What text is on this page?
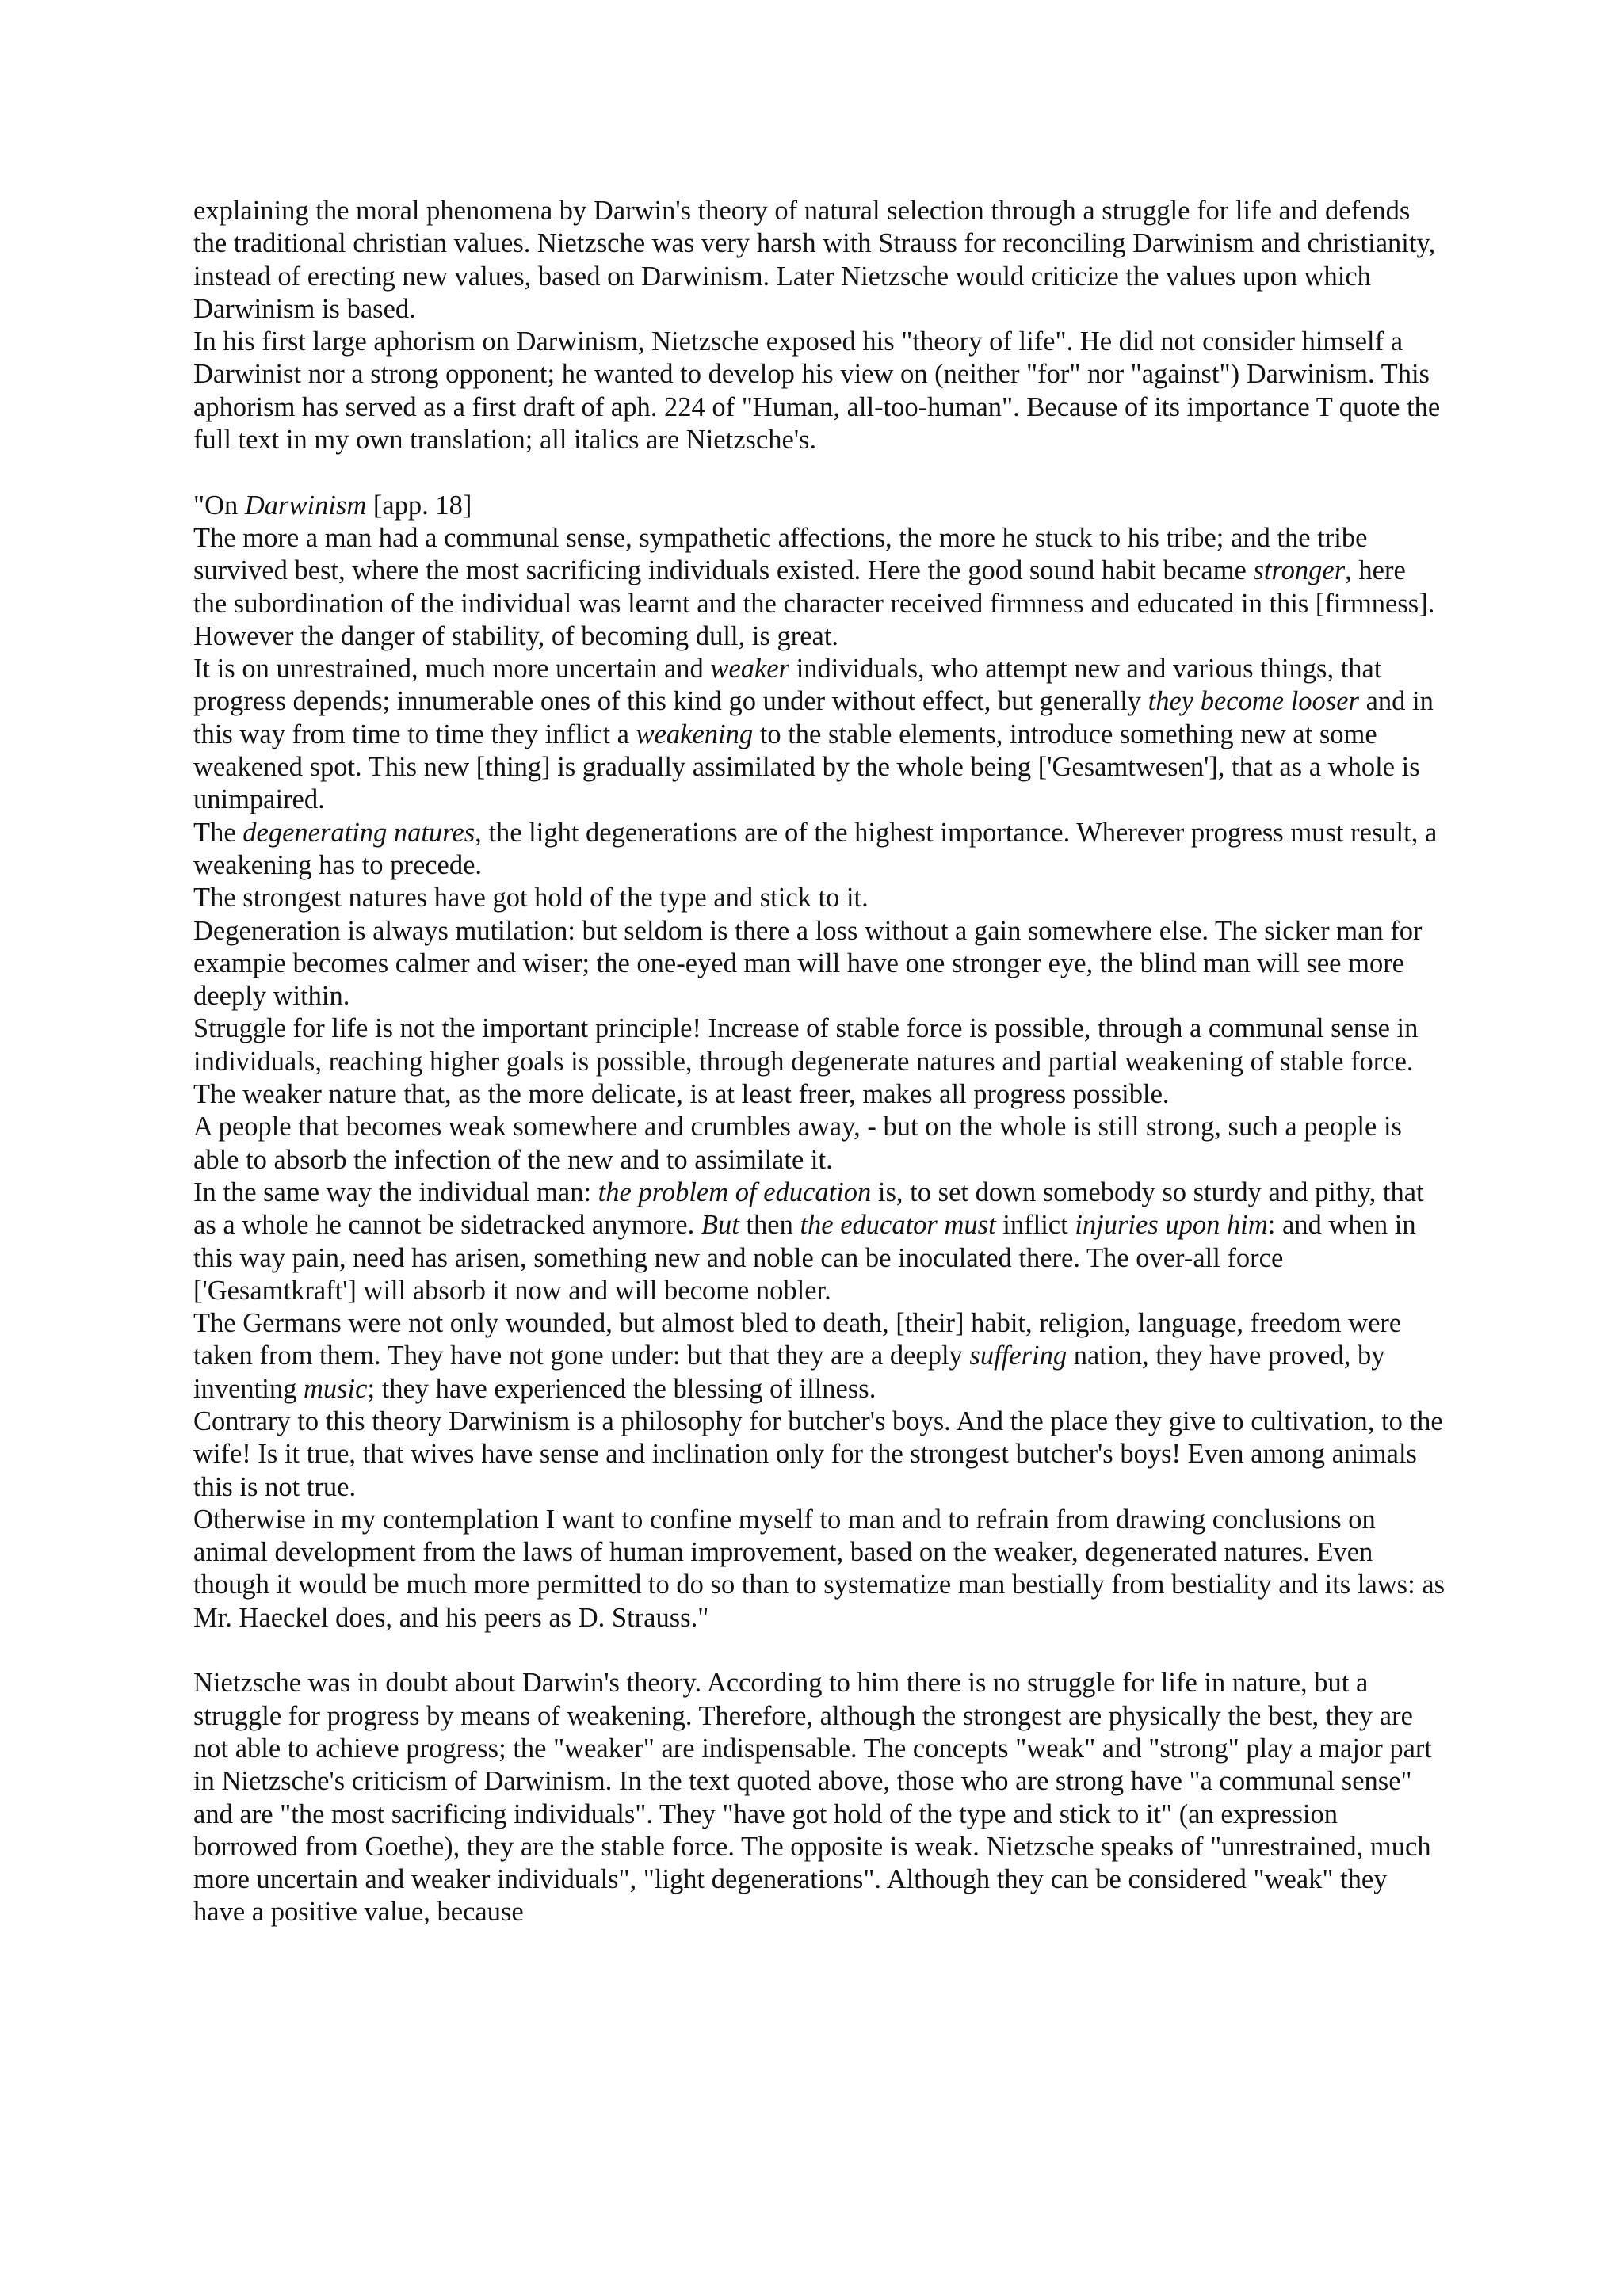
explaining the moral phenomena by Darwin's theory of natural selection through a struggle for life and defends the traditional christian values. Nietzsche was very harsh with Strauss for reconciling Darwinism and christianity, instead of erecting new values, based on Darwinism. Later Nietzsche would criticize the values upon which Darwinism is based.

In his first large aphorism on Darwinism, Nietzsche exposed his "theory of life". He did not consider himself a Darwinist nor a strong opponent; he wanted to develop his view on (neither "for" nor "against") Darwinism. This aphorism has served as a first draft of aph. 224 of "Human, all-too-human". Because of its importance T quote the full text in my own translation; all italics are Nietzsche's.

"On Darwinism [app. 18]

The more a man had a communal sense, sympathetic affections, the more he stuck to his tribe; and the tribe survived best, where the most sacrificing individuals existed. Here the good sound habit became stronger, here the subordination of the individual was learnt and the character received firmness and educated in this [firmness]. However the danger of stability, of becoming dull, is great.

It is on unrestrained, much more uncertain and weaker individuals, who attempt new and various things, that progress depends; innumerable ones of this kind go under without effect, but generally they become looser and in this way from time to time they inflict a weakening to the stable elements, introduce something new at some weakened spot. This new [thing] is gradually assimilated by the whole being ['Gesamtwesen'], that as a whole is unimpaired.

The degenerating natures, the light degenerations are of the highest importance. Wherever progress must result, a weakening has to precede.

The strongest natures have got hold of the type and stick to it.

Degeneration is always mutilation: but seldom is there a loss without a gain somewhere else. The sicker man for exampie becomes calmer and wiser; the one-eyed man will have one stronger eye, the blind man will see more deeply within.

Struggle for life is not the important principle! Increase of stable force is possible, through a communal sense in individuals, reaching higher goals is possible, through degenerate natures and partial weakening of stable force. The weaker nature that, as the more delicate, is at least freer, makes all progress possible.

A people that becomes weak somewhere and crumbles away, - but on the whole is still strong, such a people is able to absorb the infection of the new and to assimilate it.

In the same way the individual man: the problem of education is, to set down somebody so sturdy and pithy, that as a whole he cannot be sidetracked anymore. But then the educator must inflict injuries upon him: and when in this way pain, need has arisen, something new and noble can be inoculated there. The over-all force ['Gesamtkraft'] will absorb it now and will become nobler.

The Germans were not only wounded, but almost bled to death, [their] habit, religion, language, freedom were taken from them. They have not gone under: but that they are a deeply suffering nation, they have proved, by inventing music; they have experienced the blessing of illness.

Contrary to this theory Darwinism is a philosophy for butcher's boys. And the place they give to cultivation, to the wife! Is it true, that wives have sense and inclination only for the strongest butcher's boys! Even among animals this is not true.

Otherwise in my contemplation I want to confine myself to man and to refrain from drawing conclusions on animal development from the laws of human improvement, based on the weaker, degenerated natures. Even though it would be much more permitted to do so than to systematize man bestially from bestiality and its laws: as Mr. Haeckel does, and his peers as D. Strauss."

Nietzsche was in doubt about Darwin's theory. According to him there is no struggle for life in nature, but a struggle for progress by means of weakening. Therefore, although the strongest are physically the best, they are not able to achieve progress; the "weaker" are indispensable. The concepts "weak" and "strong" play a major part in Nietzsche's criticism of Darwinism. In the text quoted above, those who are strong have "a communal sense" and are "the most sacrificing individuals". They "have got hold of the type and stick to it" (an expression borrowed from Goethe), they are the stable force. The opposite is weak. Nietzsche speaks of "unrestrained, much more uncertain and weaker individuals", "light degenerations". Although they can be considered "weak" they have a positive value, because
